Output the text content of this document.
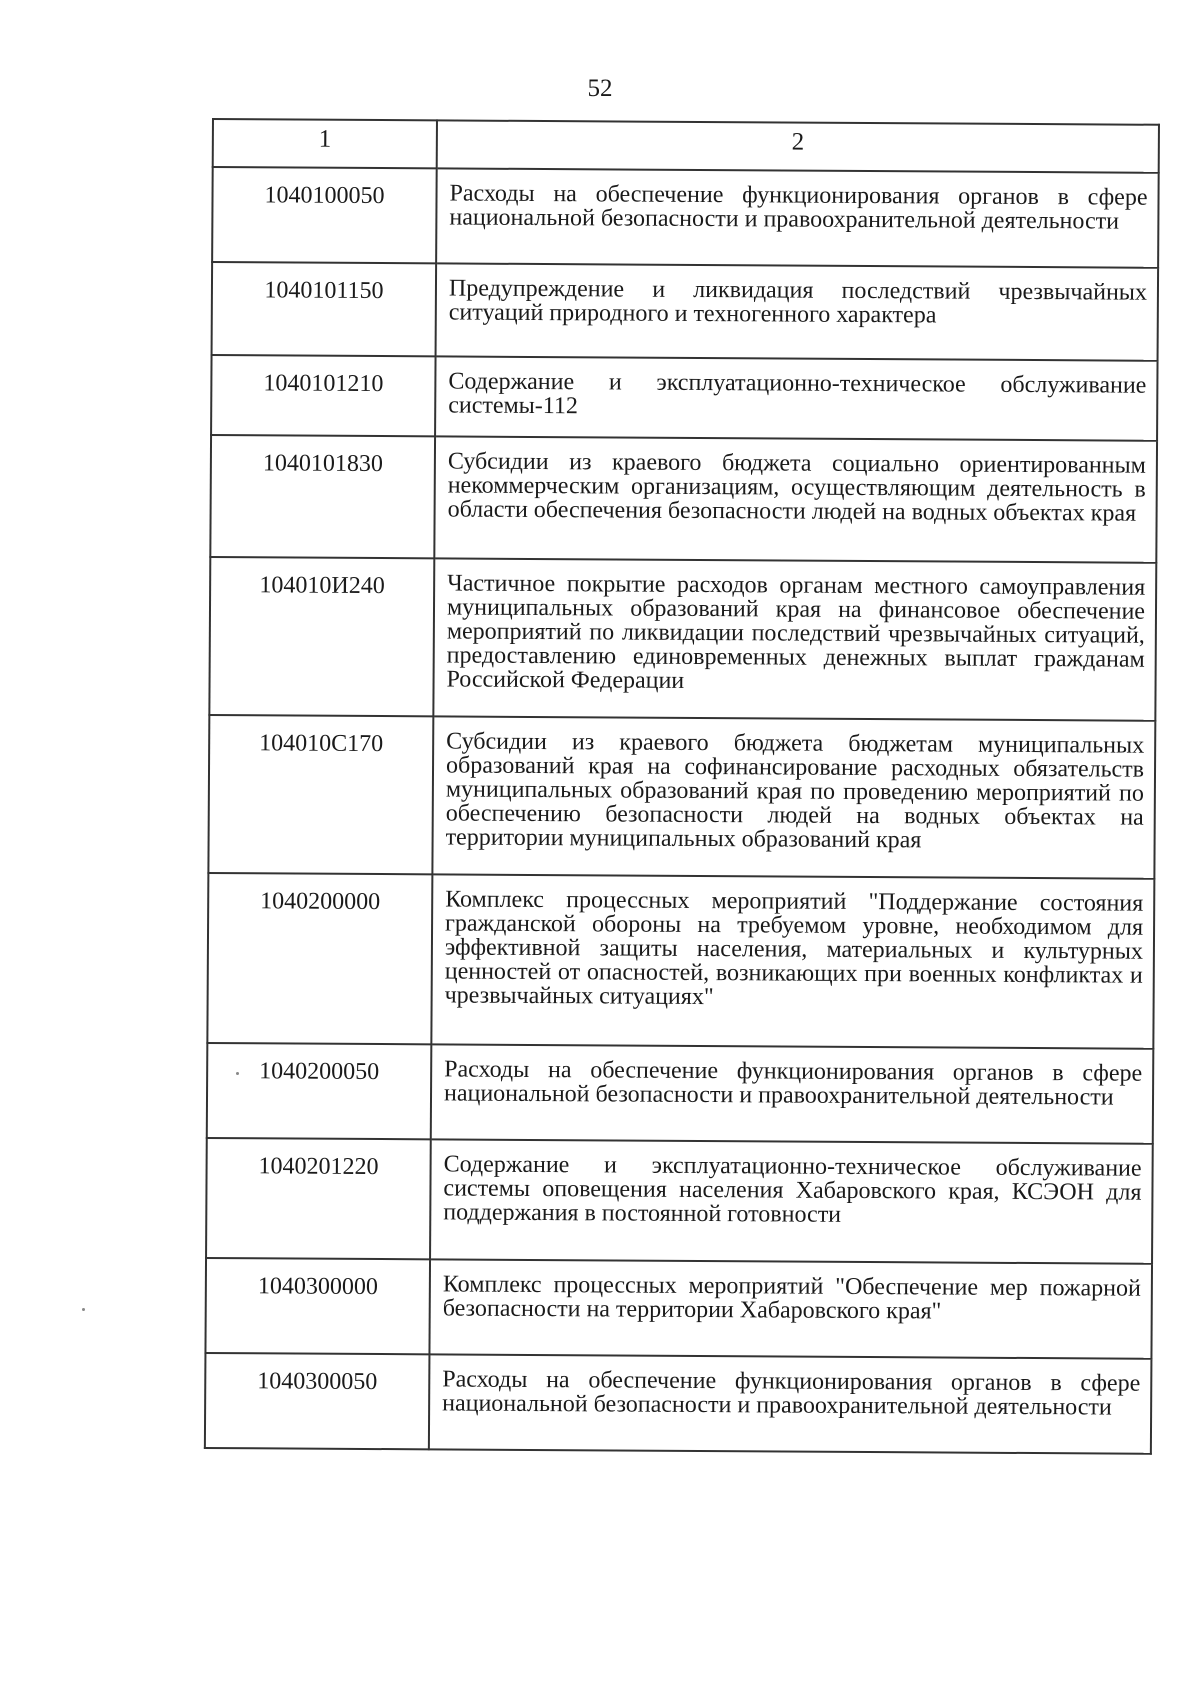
52
1	2
1040100050	Расходы на обеспечение функционирования органов в сфере национальной безопасности и правоохранительной деятельности
1040101150	Предупреждение и ликвидация последствий чрезвычайных ситуаций природного и техногенного характера
1040101210	Содержание и эксплуатационно-техническое обслуживание системы-112
1040101830	Субсидии из краевого бюджета социально ориентированным некоммерческим организациям, осуществляющим деятельность в области обеспечения безопасности людей на водных объектах края
104010И240	Частичное покрытие расходов органам местного самоуправления муниципальных образований края на финансовое обеспечение мероприятий по ликвидации последствий чрезвычайных ситуаций, предоставлению единовременных денежных выплат гражданам Российской Федерации
104010С170	Субсидии из краевого бюджета бюджетам муниципальных образований края на софинансирование расходных обязательств муниципальных образований края по проведению мероприятий по обеспечению безопасности людей на водных объектах на территории муниципальных образований края
1040200000	Комплекс процессных мероприятий "Поддержание состояния гражданской обороны на требуемом уровне, необходимом для эффективной защиты населения, материальных и культурных ценностей от опасностей, возникающих при военных конфликтах и чрезвычайных ситуациях"
1040200050	Расходы на обеспечение функционирования органов в сфере национальной безопасности и правоохранительной деятельности
1040201220	Содержание и эксплуатационно-техническое обслуживание системы оповещения населения Хабаровского края, КСЭОН для поддержания в постоянной готовности
1040300000	Комплекс процессных мероприятий "Обеспечение мер пожарной безопасности на территории Хабаровского края"
1040300050	Расходы на обеспечение функционирования органов в сфере национальной безопасности и правоохранительной деятельности
